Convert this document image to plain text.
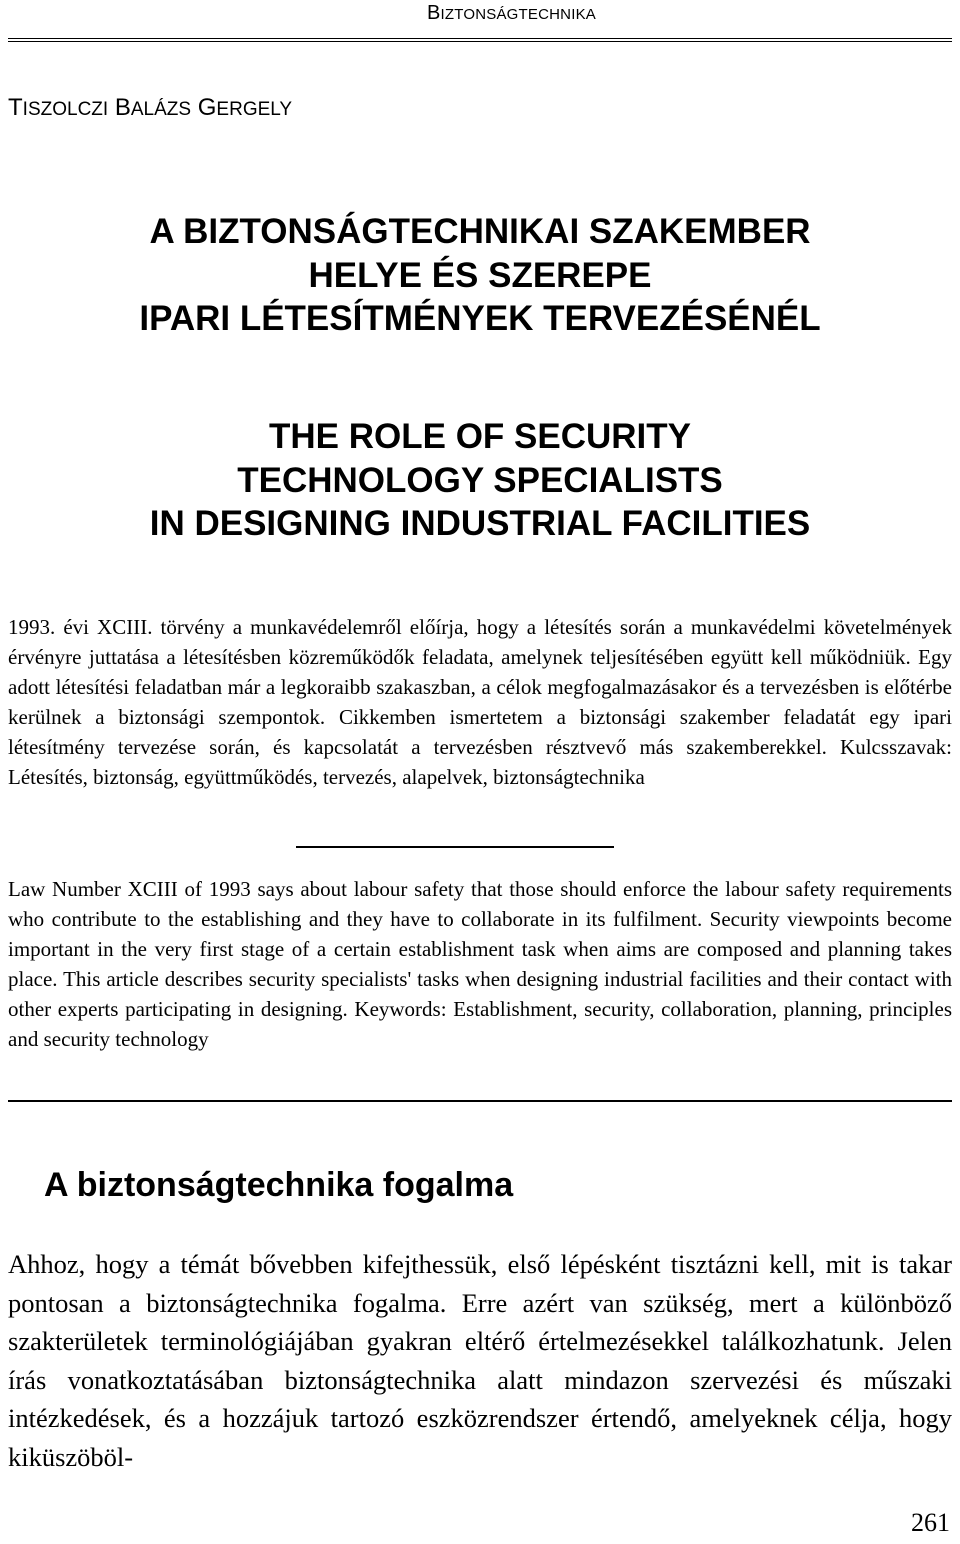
BIZTONSÁGTECHNIKA
TISZOLCZI BALÁZS GERGELY
A BIZTONSÁGTECHNIKAI SZAKEMBER
HELYE ÉS SZEREPE
IPARI LÉTESÍTMÉNYEK TERVEZÉSÉNÉL
THE ROLE OF SECURITY
TECHNOLOGY SPECIALISTS
IN DESIGNING INDUSTRIAL FACILITIES

1993. évi XCIII. törvény a munkavédelemről előírja, hogy a létesítés során a munkavédelmi követelmények érvényre juttatása a létesítésben közreműködők feladata, amelynek teljesítésében együtt kell működniük. Egy adott létesítési feladatban már a legkoraibb szakaszban, a célok megfogalmazásakor és a tervezésben is előtérbe kerülnek a biztonsági szempontok. Cikkemben ismertetem a biztonsági szakember feladatát egy ipari létesítmény tervezése során, és kapcsolatát a tervezésben résztvevő más szakemberekkel. Kulcsszavak: Létesítés, biztonság, együttműködés, tervezés, alapelvek, biztonságtechnika

Law Number XCIII of 1993 says about labour safety that those should enforce the labour safety requirements who contribute to the establishing and they have to collaborate in its fulfilment. Security viewpoints become important in the very first stage of a certain establishment task when aims are composed and planning takes place. This article describes security specialists' tasks when designing industrial facilities and their contact with other experts participating in designing. Keywords: Establishment, security, collaboration, planning, principles and security technology

A biztonságtechnika fogalma

Ahhoz, hogy a témát bővebben kifejthessük, első lépésként tisztázni kell, mit is takar pontosan a biztonságtechnika fogalma. Erre azért van szükség, mert a különböző szakterületek terminológiájában gyakran eltérő értelmezésekkel találkozhatunk. Jelen írás vonatkoztatásában biztonságtechnika alatt mindazon szervezési és műszaki intézkedések, és a hozzájuk tartozó eszközrendszer értendő, amelyeknek célja, hogy kiküszöböl-

261
